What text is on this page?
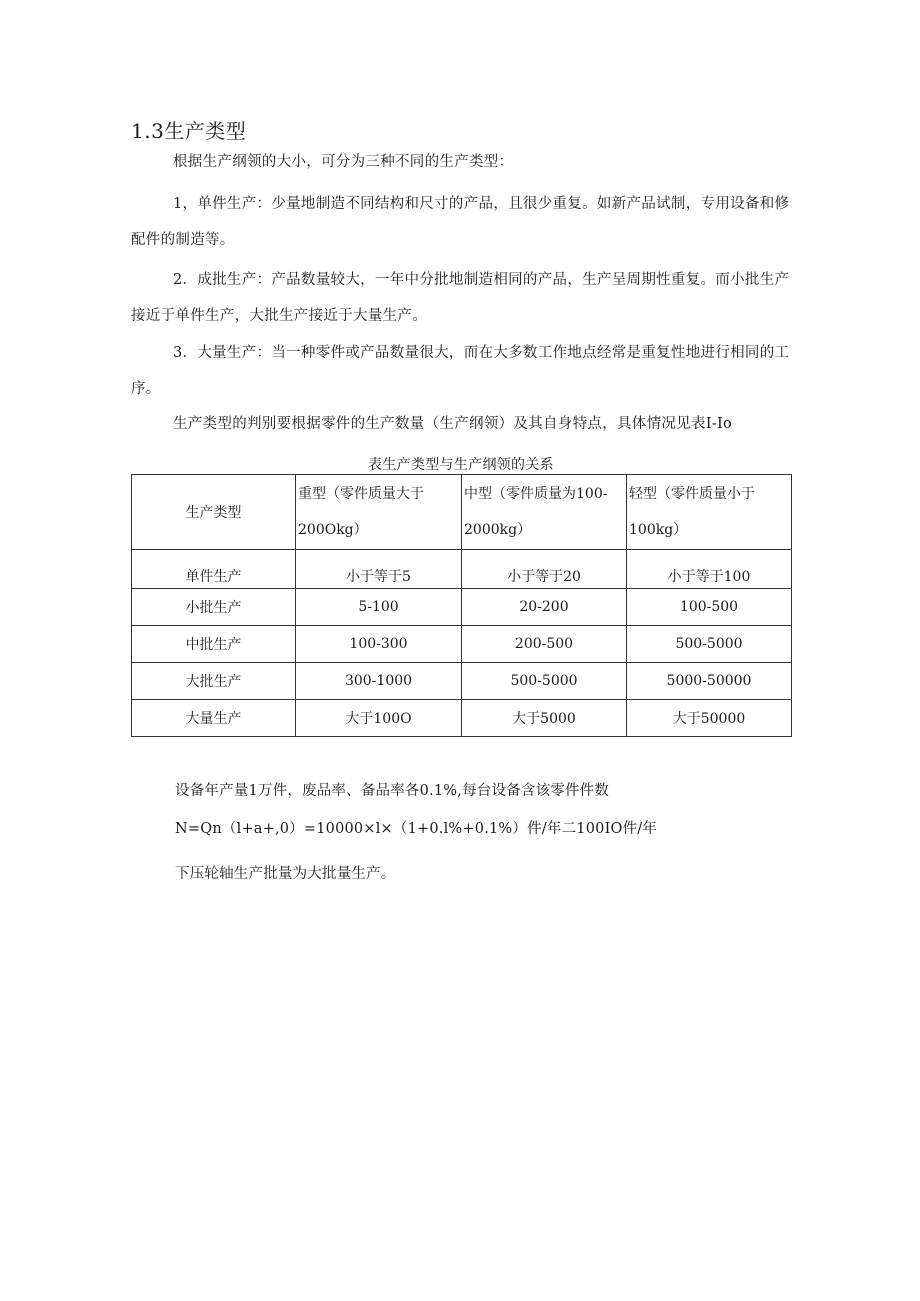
1.3生产类型
根据生产纲领的大小，可分为三种不同的生产类型：
1，单件生产：少量地制造不同结构和尺寸的产品，且很少重复。如新产品试制，专用设备和修配件的制造等。
2．成批生产：产品数量较大，一年中分批地制造相同的产品，生产呈周期性重复。而小批生产接近于单件生产，大批生产接近于大量生产。
3．大量生产：当一种零件或产品数量很大，而在大多数工作地点经常是重复性地进行相同的工序。
生产类型的判别要根据零件的生产数量（生产纲领）及其自身特点，具体情况见表I-Io
表生产类型与生产纲领的关系
生产类型	重型（零件质量大于200Okg）	中型（零件质量为100-2000kg）	轻型（零件质量小于100kg）
单件生产	小于等于5	小于等于20	小于等于100
小批生产	5-100	20-200	100-500
中批生产	100-300	200-500	500-5000
大批生产	300-1000	500-5000	5000-50000
大量生产	大于100O	大于5000	大于50000
设备年产量1万件，废品率、备品率各0.1%,每台设备含该零件件数
N=Qn（l+a+,0）=10000×l×（1+0.l%+0.1%）件/年二100IO件/年
下压轮轴生产批量为大批量生产。
